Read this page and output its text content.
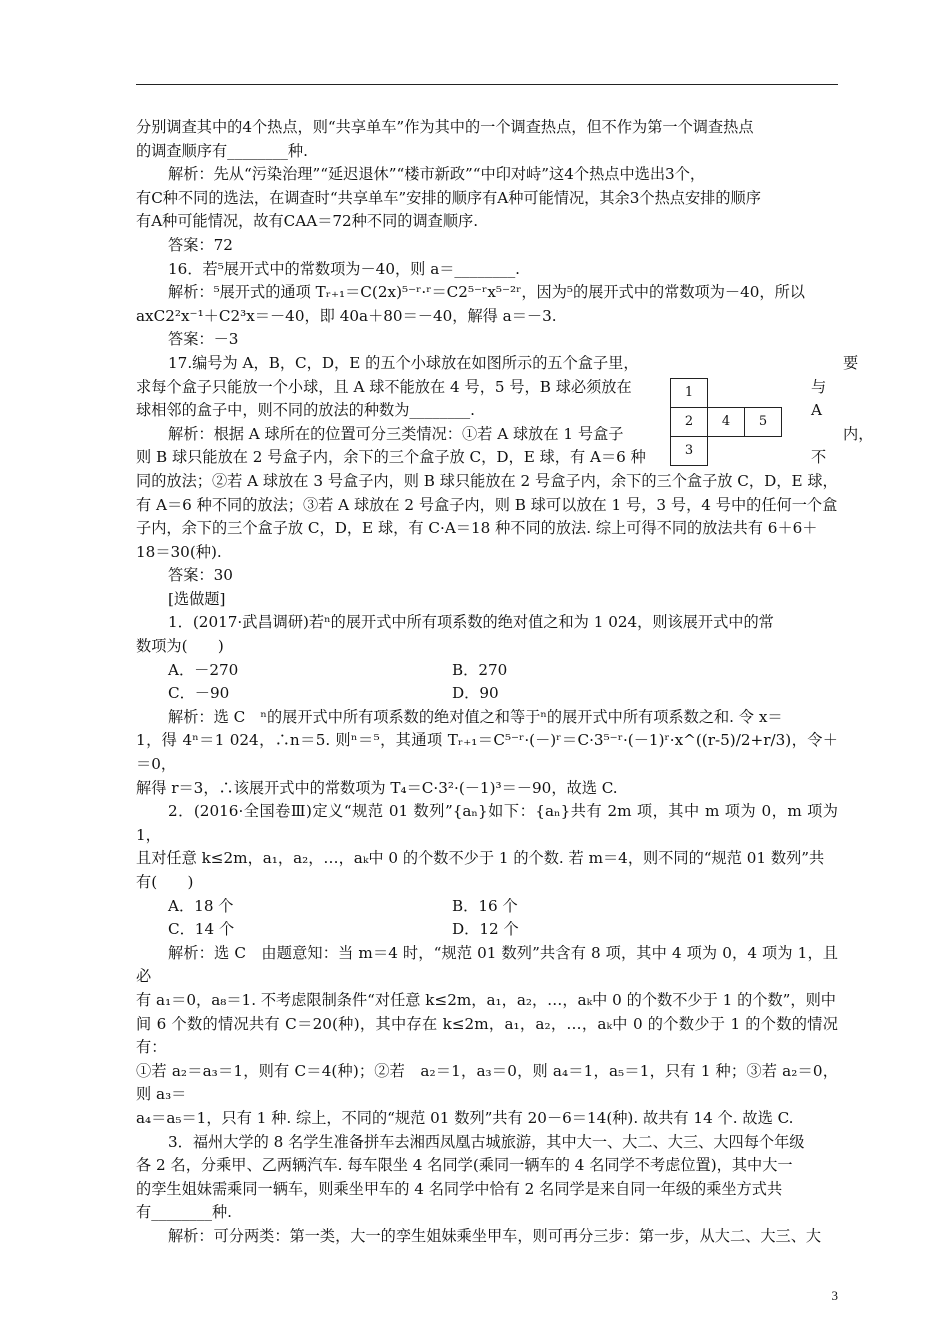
分别调查其中的4个热点，则“共享单车”作为其中的一个调查热点，但不作为第一个调查热点

的调查顺序有________种.

解析：先从“污染治理”“延迟退休”“楼市新政”“中印对峙”这4个热点中选出3个，

有C种不同的选法，在调查时“共享单车”安排的顺序有A种可能情况，其余3个热点安排的顺序

有A种可能情况，故有CAA＝72种不同的调查顺序.

答案：72

16．若⁵展开式中的常数项为－40，则 a＝________.

解析：⁵展开式的通项 Tᵣ₊₁＝C(2x)⁵⁻ʳ·ʳ＝C2⁵⁻ʳx⁵⁻²ʳ，因为⁵的展开式中的常数项为－40，所以

axC2²x⁻¹＋C2³x＝－40，即 40a＋80＝－40，解得 a＝－3.

答案：－3

17.编号为 A，B，C，D，E 的五个小球放在如图所示的五个盒子里，	要

求每个盒子只能放一个小球，且 A 球不能放在 4 号，5 号，B 球必须放在	与 A

球相邻的盒子中，则不同的放法的种数为________.

解析：根据 A 球所在的位置可分三类情况：①若 A 球放在 1 号盒子	内，

则 B 球只能放在 2 号盒子内，余下的三个盒子放 C，D，E 球，有 A＝6 种	不

同的放法；②若 A 球放在 3 号盒子内，则 B 球只能放在 2 号盒子内，余下的三个盒子放 C，D，E 球，

有 A＝6 种不同的放法；③若 A 球放在 2 号盒子内，则 B 球可以放在 1 号，3 号，4 号中的任何一个盒

子内，余下的三个盒子放 C，D，E 球，有 C·A＝18 种不同的放法. 综上可得不同的放法共有 6＋6＋

18＝30(种).

答案：30

[选做题]

1．(2017·武昌调研)若ⁿ的展开式中所有项系数的绝对值之和为 1 024，则该展开式中的常

数项为(　　)

A．－270	B．270
C．－90	D．90

解析：选 C　ⁿ的展开式中所有项系数的绝对值之和等于ⁿ的展开式中所有项系数之和. 令 x＝

1，得 4ⁿ＝1 024，∴n＝5. 则ⁿ＝⁵，其通项 Tᵣ₊₁＝C⁵⁻ʳ·(－)ʳ＝C·3⁵⁻ʳ·(－1)ʳ·x^((r-5)/2+r/3)，令＋＝0，

解得 r＝3，∴该展开式中的常数项为 T₄＝C·3²·(－1)³＝－90，故选 C.

2．(2016·全国卷Ⅲ)定义“规范 01 数列”{aₙ}如下：{aₙ}共有 2m 项，其中 m 项为 0，m 项为 1，

且对任意 k≤2m，a₁，a₂，…，aₖ中 0 的个数不少于 1 的个数. 若 m＝4，则不同的“规范 01 数列”共

有(　　)

A．18 个	B．16 个
C．14 个	D．12 个

解析：选 C　由题意知：当 m＝4 时，“规范 01 数列”共含有 8 项，其中 4 项为 0，4 项为 1，且必

有 a₁＝0，a₈＝1. 不考虑限制条件“对任意 k≤2m，a₁，a₂，…，aₖ中 0 的个数不少于 1 的个数”，则中

间 6 个数的情况共有 C＝20(种)，其中存在 k≤2m，a₁，a₂，…，aₖ中 0 的个数少于 1 的个数的情况有：

①若 a₂＝a₃＝1，则有 C＝4(种)；②若　a₂＝1，a₃＝0，则 a₄＝1，a₅＝1，只有 1 种；③若 a₂＝0，则 a₃＝

a₄＝a₅＝1，只有 1 种. 综上，不同的“规范 01 数列”共有 20－6＝14(种). 故共有 14 个. 故选 C.

3．福州大学的 8 名学生准备拼车去湘西凤凰古城旅游，其中大一、大二、大三、大四每个年级

各 2 名，分乘甲、乙两辆汽车. 每车限坐 4 名同学(乘同一辆车的 4 名同学不考虑位置)，其中大一

的孪生姐妹需乘同一辆车，则乘坐甲车的 4 名同学中恰有 2 名同学是来自同一年级的乘坐方式共

有________种.

解析：可分两类：第一类，大一的孪生姐妹乘坐甲车，则可再分三步：第一步，从大二、大三、大

1
2	4	5
3
3
